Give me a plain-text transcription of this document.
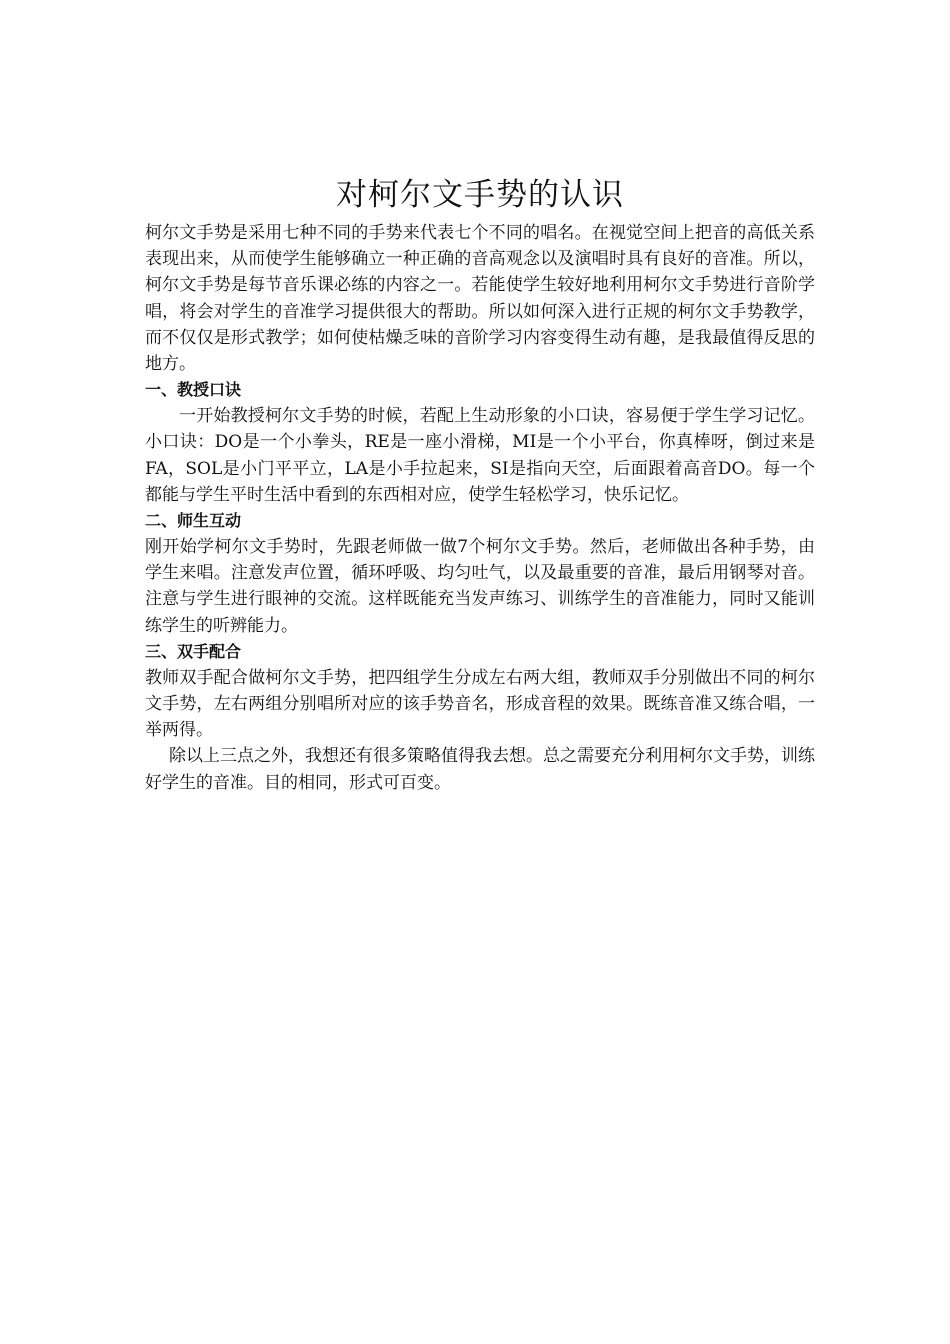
对柯尔文手势的认识

柯尔文手势是采用七种不同的手势来代表七个不同的唱名。在视觉空间上把音的高低关系表现出来，从而使学生能够确立一种正确的音高观念以及演唱时具有良好的音准。所以，柯尔文手势是每节音乐课必练的内容之一。若能使学生较好地利用柯尔文手势进行音阶学唱，将会对学生的音准学习提供很大的帮助。所以如何深入进行正规的柯尔文手势教学，而不仅仅是形式教学；如何使枯燥乏味的音阶学习内容变得生动有趣，是我最值得反思的地方。

一、教授口诀

一开始教授柯尔文手势的时候，若配上生动形象的小口诀，容易便于学生学习记忆。小口诀：DO是一个小拳头，RE是一座小滑梯，MI是一个小平台，你真棒呀，倒过来是FA，SOL是小门平平立，LA是小手拉起来，SI是指向天空，后面跟着高音DO。每一个都能与学生平时生活中看到的东西相对应，使学生轻松学习，快乐记忆。

二、师生互动

刚开始学柯尔文手势时，先跟老师做一做7个柯尔文手势。然后，老师做出各种手势，由学生来唱。注意发声位置，循环呼吸、均匀吐气，以及最重要的音准，最后用钢琴对音。注意与学生进行眼神的交流。这样既能充当发声练习、训练学生的音准能力，同时又能训练学生的听辨能力。

三、双手配合

教师双手配合做柯尔文手势，把四组学生分成左右两大组，教师双手分别做出不同的柯尔文手势，左右两组分别唱所对应的该手势音名，形成音程的效果。既练音准又练合唱，一举两得。

除以上三点之外，我想还有很多策略值得我去想。总之需要充分利用柯尔文手势，训练好学生的音准。目的相同，形式可百变。
